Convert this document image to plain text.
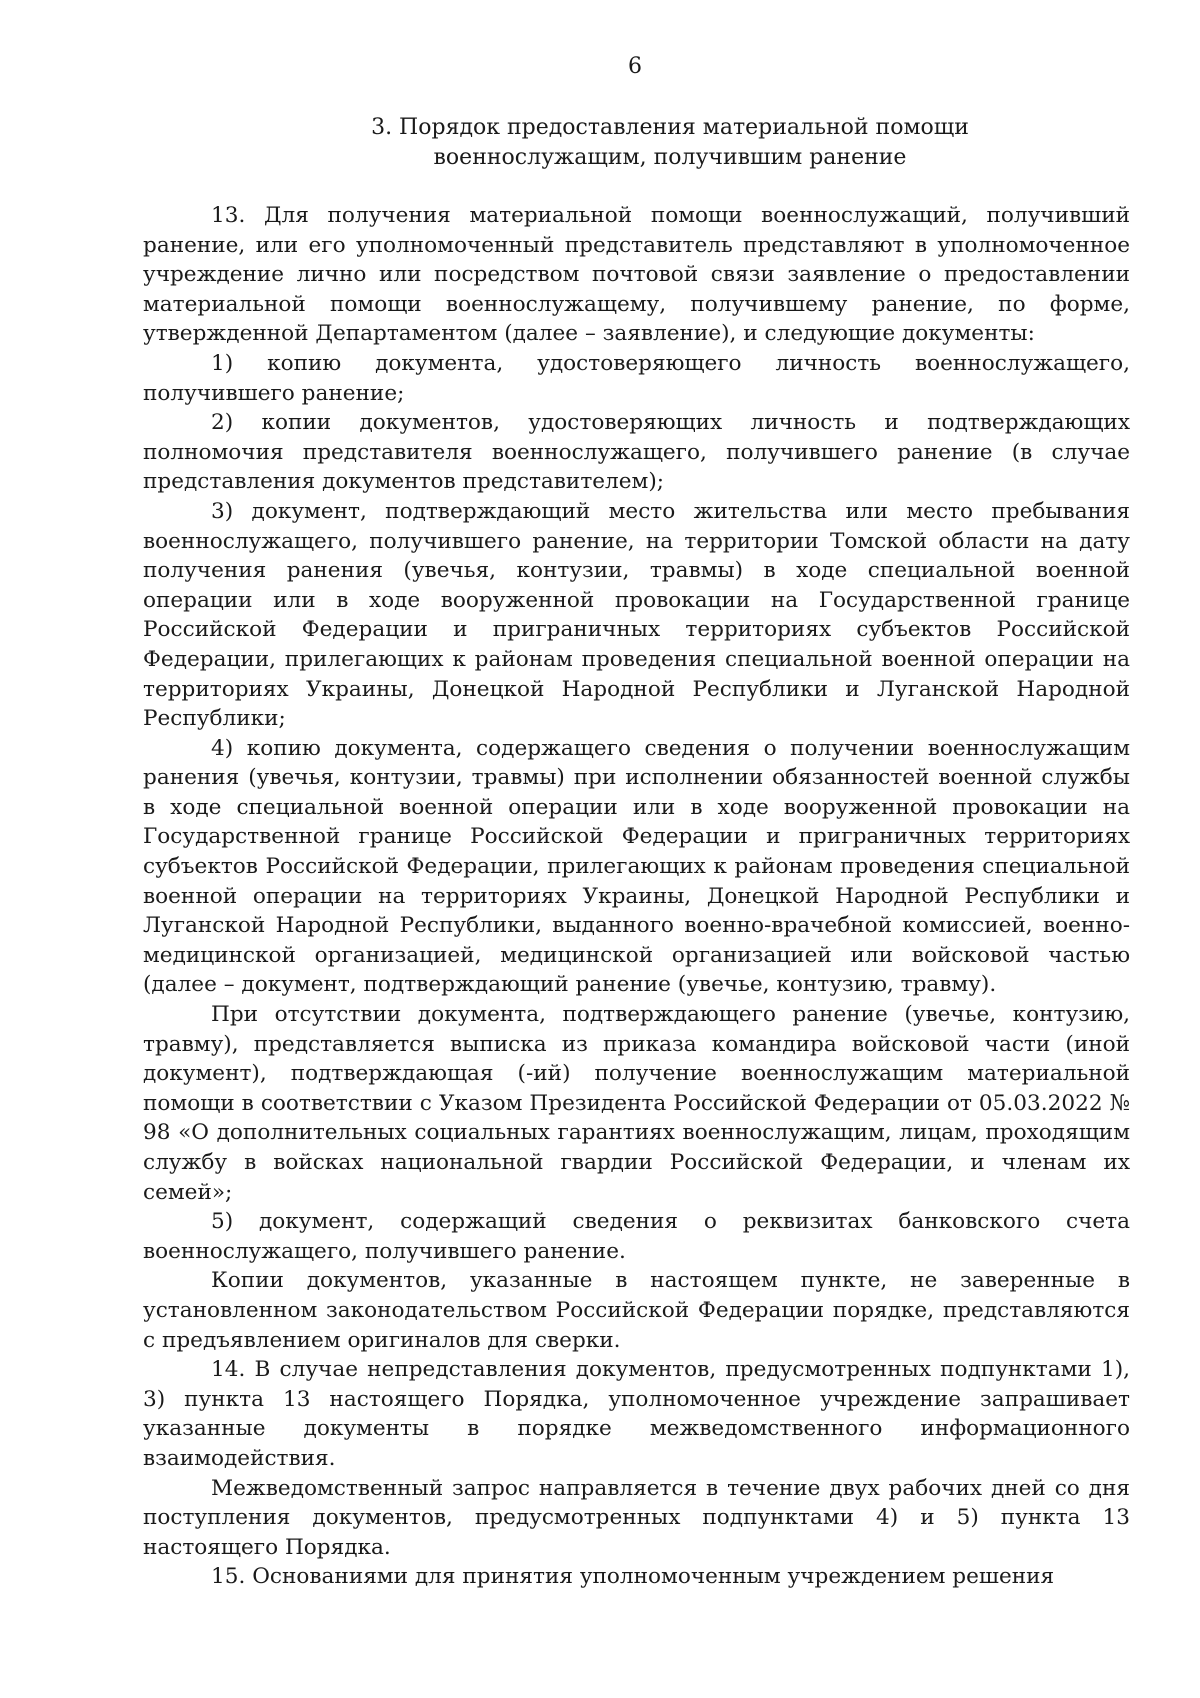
6
3. Порядок предоставления материальной помощи
военнослужащим, получившим ранение

13. Для получения материальной помощи военнослужащий, получивший ранение, или его уполномоченный представитель представляют в уполномоченное учреждение лично или посредством почтовой связи заявление о предоставлении материальной помощи военнослужащему, получившему ранение, по форме, утвержденной Департаментом (далее – заявление), и следующие документы:

1) копию документа, удостоверяющего личность военнослужащего, получившего ранение;

2) копии документов, удостоверяющих личность и подтверждающих полномочия представителя военнослужащего, получившего ранение (в случае представления документов представителем);

3) документ, подтверждающий место жительства или место пребывания военнослужащего, получившего ранение, на территории Томской области на дату получения ранения (увечья, контузии, травмы) в ходе специальной военной операции или в ходе вооруженной провокации на Государственной границе Российской Федерации и приграничных территориях субъектов Российской Федерации, прилегающих к районам проведения специальной военной операции на территориях Украины, Донецкой Народной Республики и Луганской Народной Республики;

4) копию документа, содержащего сведения о получении военнослужащим ранения (увечья, контузии, травмы) при исполнении обязанностей военной службы в ходе специальной военной операции или в ходе вооруженной провокации на Государственной границе Российской Федерации и приграничных территориях субъектов Российской Федерации, прилегающих к районам проведения специальной военной операции на территориях Украины, Донецкой Народной Республики и Луганской Народной Республики, выданного военно-врачебной комиссией, военно-медицинской организацией, медицинской организацией или войсковой частью (далее – документ, подтверждающий ранение (увечье, контузию, травму).

При отсутствии документа, подтверждающего ранение (увечье, контузию, травму), представляется выписка из приказа командира войсковой части (иной документ), подтверждающая (-ий) получение военнослужащим материальной помощи в соответствии с Указом Президента Российской Федерации от 05.03.2022 № 98 «О дополнительных социальных гарантиях военнослужащим, лицам, проходящим службу в войсках национальной гвардии Российской Федерации, и членам их семей»;

5) документ, содержащий сведения о реквизитах банковского счета военнослужащего, получившего ранение.

Копии документов, указанные в настоящем пункте, не заверенные в установленном законодательством Российской Федерации порядке, представляются с предъявлением оригиналов для сверки.

14. В случае непредставления документов, предусмотренных подпунктами 1), 3) пункта 13 настоящего Порядка, уполномоченное учреждение запрашивает указанные документы в порядке межведомственного информационного взаимодействия.

Межведомственный запрос направляется в течение двух рабочих дней со дня поступления документов, предусмотренных подпунктами 4) и 5) пункта 13 настоящего Порядка.

15. Основаниями для принятия уполномоченным учреждением решения
